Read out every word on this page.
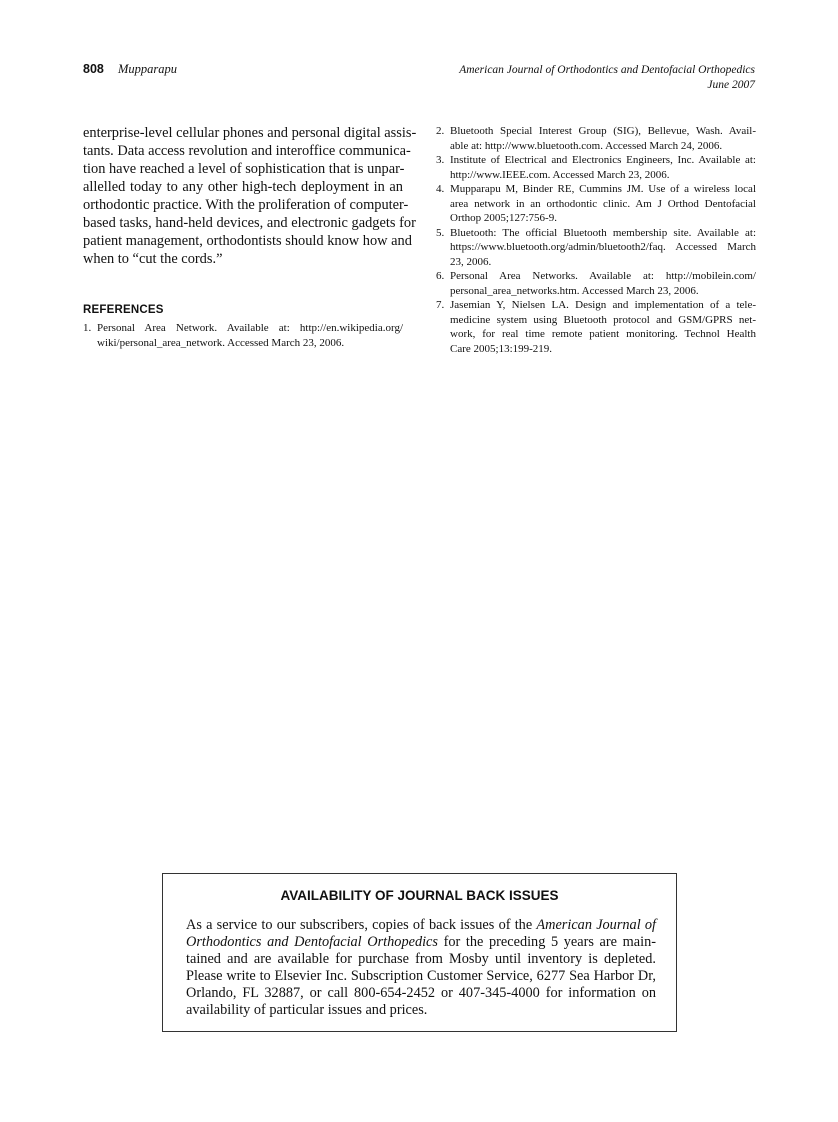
808 Mupparapu	American Journal of Orthodontics and Dentofacial Orthopedics
June 2007
enterprise-level cellular phones and personal digital assis-
tants. Data access revolution and interoffice communica-
tion have reached a level of sophistication that is unpar-
allelled today to any other high-tech deployment in an
orthodontic practice. With the proliferation of computer-
based tasks, hand-held devices, and electronic gadgets for
patient management, orthodontists should know how and
when to “cut the cords.”
REFERENCES
1. Personal Area Network. Available at: http://en.wikipedia.org/
wiki/personal_area_network. Accessed March 23, 2006.
2. Bluetooth Special Interest Group (SIG), Bellevue, Wash. Avail-
able at: http://www.bluetooth.com. Accessed March 24, 2006.
3. Institute of Electrical and Electronics Engineers, Inc. Available at:
http://www.IEEE.com. Accessed March 23, 2006.
4. Mupparapu M, Binder RE, Cummins JM. Use of a wireless local
area network in an orthodontic clinic. Am J Orthod Dentofacial
Orthop 2005;127:756-9.
5. Bluetooth: The official Bluetooth membership site. Available at:
https://www.bluetooth.org/admin/bluetooth2/faq. Accessed March
23, 2006.
6. Personal Area Networks. Available at: http://mobilein.com/
personal_area_networks.htm. Accessed March 23, 2006.
7. Jasemian Y, Nielsen LA. Design and implementation of a tele-
medicine system using Bluetooth protocol and GSM/GPRS net-
work, for real time remote patient monitoring. Technol Health
Care 2005;13:199-219.
AVAILABILITY OF JOURNAL BACK ISSUES
As a service to our subscribers, copies of back issues of the American Journal of
Orthodontics and Dentofacial Orthopedics for the preceding 5 years are main-
tained and are available for purchase from Mosby until inventory is depleted.
Please write to Elsevier Inc. Subscription Customer Service, 6277 Sea Harbor Dr,
Orlando, FL 32887, or call 800-654-2452 or 407-345-4000 for information on
availability of particular issues and prices.
